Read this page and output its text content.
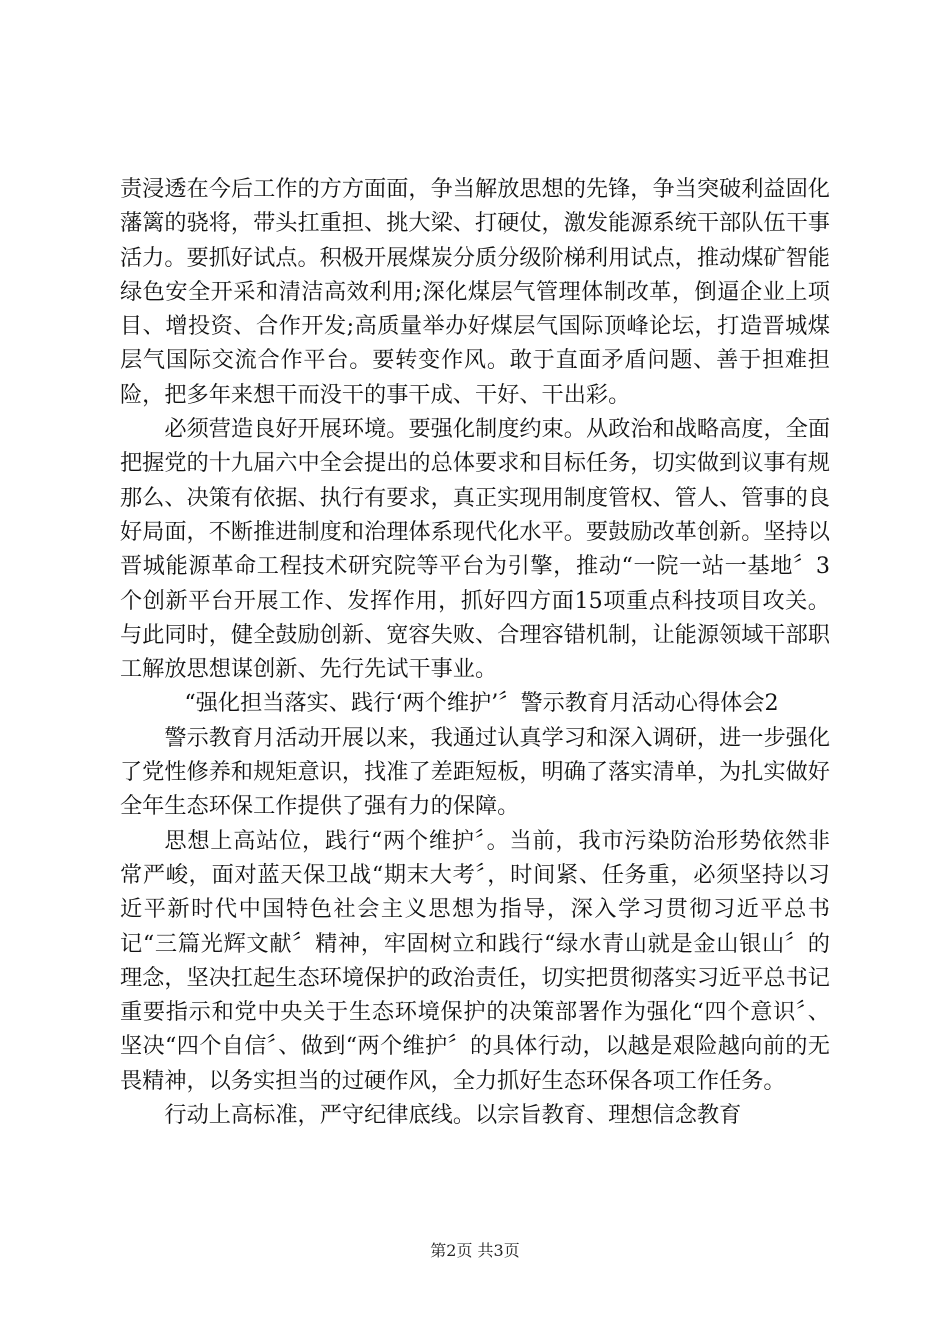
责浸透在今后工作的方方面面，争当解放思想的先锋，争当突破利益固化藩篱的骁将，带头扛重担、挑大梁、打硬仗，激发能源系统干部队伍干事活力。要抓好试点。积极开展煤炭分质分级阶梯利用试点，推动煤矿智能绿色安全开采和清洁高效利用;深化煤层气管理体制改革，倒逼企业上项目、增投资、合作开发;高质量举办好煤层气国际顶峰论坛，打造晋城煤层气国际交流合作平台。要转变作风。敢于直面矛盾问题、善于担难担险，把多年来想干而没干的事干成、干好、干出彩。

必须营造良好开展环境。要强化制度约束。从政治和战略高度，全面把握党的十九届六中全会提出的总体要求和目标任务，切实做到议事有规那么、决策有依据、执行有要求，真正实现用制度管权、管人、管事的良好局面，不断推进制度和治理体系现代化水平。要鼓励改革创新。坚持以晋城能源革命工程技术研究院等平台为引擎，推动“一院一站一基地〞3个创新平台开展工作、发挥作用，抓好四方面15项重点科技项目攻关。与此同时，健全鼓励创新、宽容失败、合理容错机制，让能源领域干部职工解放思想谋创新、先行先试干事业。

“强化担当落实、践行‘两个维护’〞警示教育月活动心得体会2

警示教育月活动开展以来，我通过认真学习和深入调研，进一步强化了党性修养和规矩意识，找准了差距短板，明确了落实清单，为扎实做好全年生态环保工作提供了强有力的保障。

思想上高站位，践行“两个维护〞。当前，我市污染防治形势依然非常严峻，面对蓝天保卫战“期末大考〞，时间紧、任务重，必须坚持以习近平新时代中国特色社会主义思想为指导，深入学习贯彻习近平总书记“三篇光辉文献〞精神，牢固树立和践行“绿水青山就是金山银山〞的理念，坚决扛起生态环境保护的政治责任，切实把贯彻落实习近平总书记重要指示和党中央关于生态环境保护的决策部署作为强化“四个意识〞、坚决“四个自信〞、做到“两个维护〞的具体行动，以越是艰险越向前的无畏精神，以务实担当的过硬作风，全力抓好生态环保各项工作任务。

行动上高标准，严守纪律底线。以宗旨教育、理想信念教育

第2页 共3页
